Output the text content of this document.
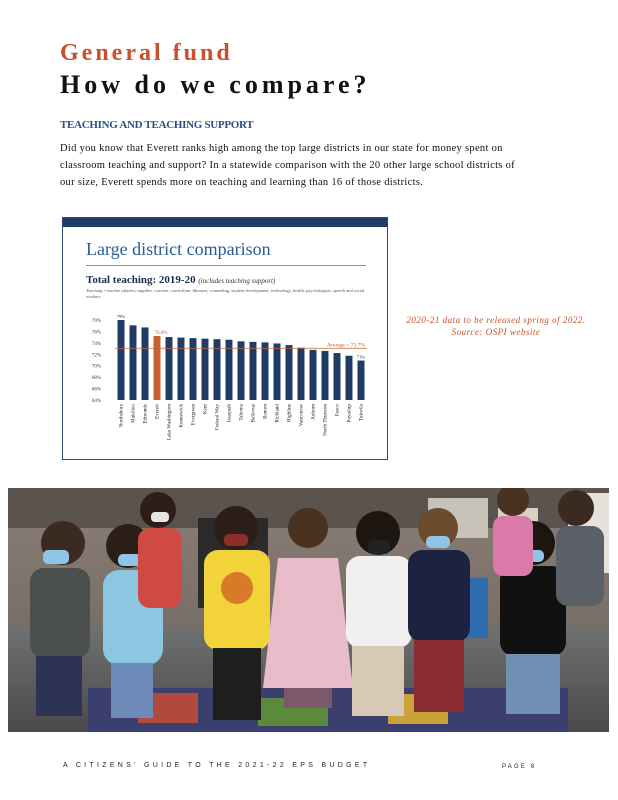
General fund
How do we compare?
TEACHING AND TEACHING SUPPORT

Did you know that Everett ranks high among the top large districts in our state for money spent on classroom teaching and support? In a statewide comparison with the 20 other large school districts of our size, Everett spends more on teaching and learning than 16 of those districts.

Large district comparison
Total teaching: 2019-20 (includes teaching support)
Teaching = teacher salaries, supplies, coaches, curriculum, libraries, counseling, student development, technology, health, psychologists, speech and social workers
79%
76%
74%
72%
70%
68%
66%
64%
Northshore Mukilteo Edmonds Everett Lake Washington Kennewick Evergreen Kent Federal Way Issaquah Tahoma Bellevue Renton Richland Highline Vancouver Auburn North Thurston Pasco Puyallup Tukwila
Average = 73.7%
79%
76.0%
71%
2020-21 data to be released spring of 2022.
Source: OSPI website
A CITIZENS' GUIDE TO THE 2021-22 EPS BUDGET	PAGE 8
